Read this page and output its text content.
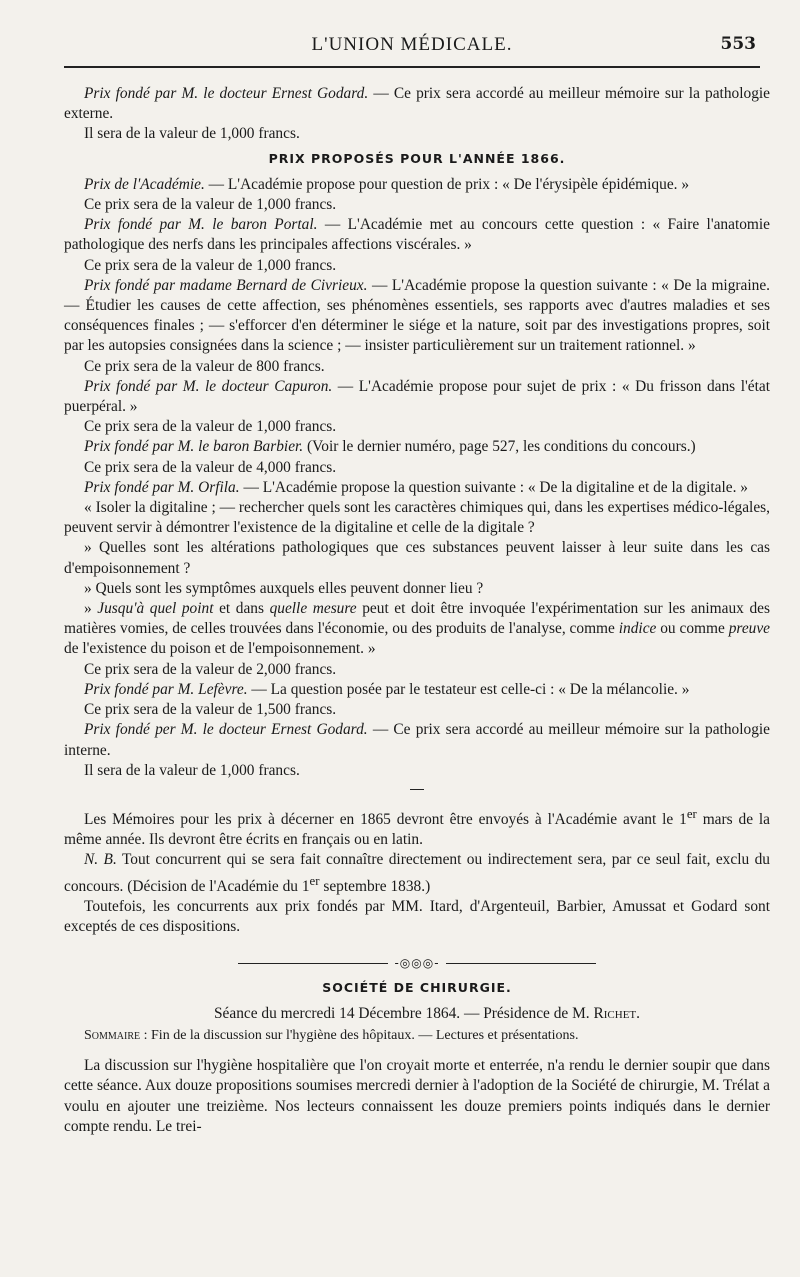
L'UNION MÉDICALE.	553

Prix fondé par M. le docteur Ernest Godard. — Ce prix sera accordé au meilleur mémoire sur la pathologie externe.

Il sera de la valeur de 1,000 francs.

PRIX PROPOSÉS POUR L'ANNÉE 1866.

Prix de l'Académie. — L'Académie propose pour question de prix : « De l'érysipèle épidémique. »

Ce prix sera de la valeur de 1,000 francs.

Prix fondé par M. le baron Portal. — L'Académie met au concours cette question : « Faire l'anatomie pathologique des nerfs dans les principales affections viscérales. »

Ce prix sera de la valeur de 1,000 francs.

Prix fondé par madame Bernard de Civrieux. — L'Académie propose la question suivante : « De la migraine. — Étudier les causes de cette affection, ses phénomènes essentiels, ses rapports avec d'autres maladies et ses conséquences finales ; — s'efforcer d'en déterminer le siége et la nature, soit par des investigations propres, soit par les autopsies consignées dans la science ; — insister particulièrement sur un traitement rationnel. »

Ce prix sera de la valeur de 800 francs.

Prix fondé par M. le docteur Capuron. — L'Académie propose pour sujet de prix : « Du frisson dans l'état puerpéral. »

Ce prix sera de la valeur de 1,000 francs.

Prix fondé par M. le baron Barbier. (Voir le dernier numéro, page 527, les conditions du concours.)

Ce prix sera de la valeur de 4,000 francs.

Prix fondé par M. Orfila. — L'Académie propose la question suivante : « De la digitaline et de la digitale. »

« Isoler la digitaline ; — rechercher quels sont les caractères chimiques qui, dans les expertises médico-légales, peuvent servir à démontrer l'existence de la digitaline et celle de la digitale ?

» Quelles sont les altérations pathologiques que ces substances peuvent laisser à leur suite dans les cas d'empoisonnement ?

» Quels sont les symptômes auxquels elles peuvent donner lieu ?

» Jusqu'à quel point et dans quelle mesure peut et doit être invoquée l'expérimentation sur les animaux des matières vomies, de celles trouvées dans l'économie, ou des produits de l'analyse, comme indice ou comme preuve de l'existence du poison et de l'empoisonnement. »

Ce prix sera de la valeur de 2,000 francs.

Prix fondé par M. Lefèvre. — La question posée par le testateur est celle-ci : « De la mélancolie. »

Ce prix sera de la valeur de 1,500 francs.

Prix fondé per M. le docteur Ernest Godard. — Ce prix sera accordé au meilleur mémoire sur la pathologie interne.

Il sera de la valeur de 1,000 francs.

Les Mémoires pour les prix à décerner en 1865 devront être envoyés à l'Académie avant le 1er mars de la même année. Ils devront être écrits en français ou en latin.

N. B. Tout concurrent qui se sera fait connaître directement ou indirectement sera, par ce seul fait, exclu du concours. (Décision de l'Académie du 1er septembre 1838.)

Toutefois, les concurrents aux prix fondés par MM. Itard, d'Argenteuil, Barbier, Amussat et Godard sont exceptés de ces dispositions.

-◎◎◎-
SOCIÉTÉ DE CHIRURGIE.

Séance du mercredi 14 Décembre 1864. — Présidence de M. Richet.

Sommaire : Fin de la discussion sur l'hygiène des hôpitaux. — Lectures et présentations.

La discussion sur l'hygiène hospitalière que l'on croyait morte et enterrée, n'a rendu le dernier soupir que dans cette séance. Aux douze propositions soumises mercredi dernier à l'adoption de la Société de chirurgie, M. Trélat a voulu en ajouter une treizième. Nos lecteurs connaissent les douze premiers points indiqués dans le dernier compte rendu. Le trei-
